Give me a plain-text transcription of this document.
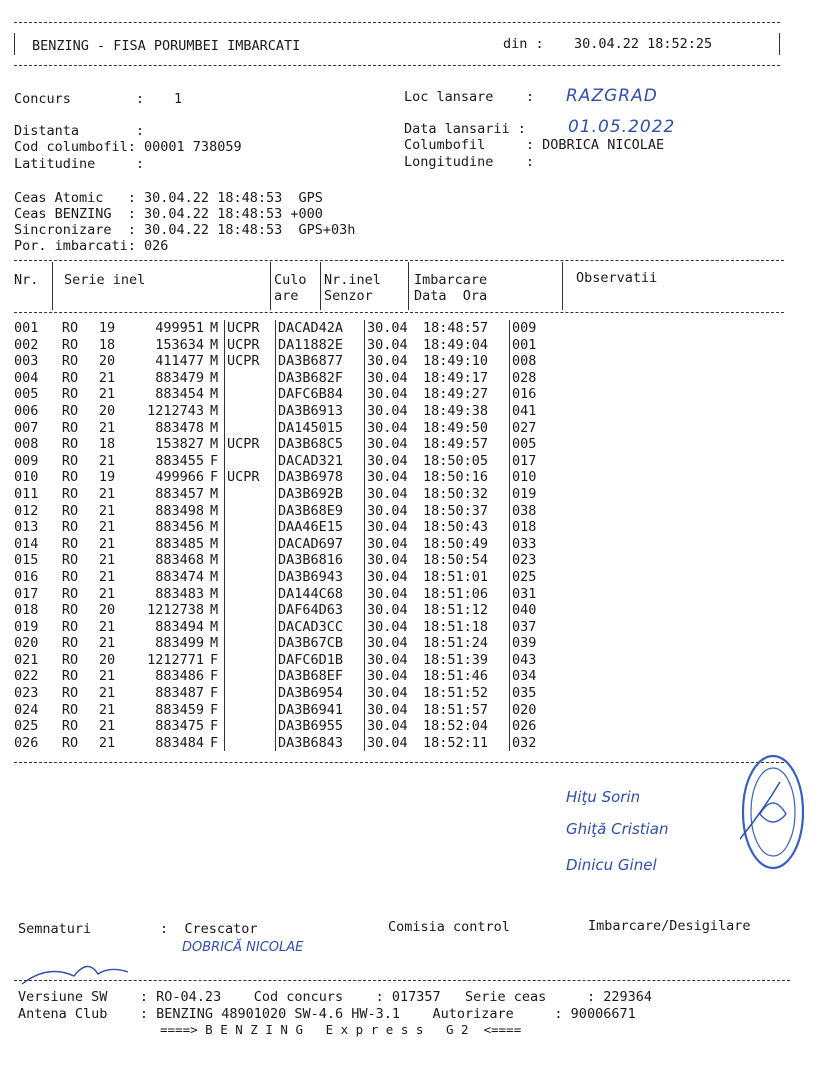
BENZING - FISA PORUMBEI IMBARCATI	din : 30.04.22 18:52:25
Concurs        : 1	Loc lansare    : RAZGRAD
Distanta       :	Data lansarii : 01.05.2022
Cod columbofil: 00001 738059	Columbofil     : DOBRICA NICOLAE
Latitudine     :	Longitudine    :
Ceas Atomic   : 30.04.22 18:48:53  GPS
Ceas BENZING  : 30.04.22 18:48:53 +000
Sincronizare  : 30.04.22 18:48:53  GPS+03h
Por. imbarcati: 026
Nr. Serie inel	Culo
are
Nr.inel
Senzor
Imbarcare
Data  Ora
Observatii
001	RO	19	499951	M	UCPR	DACAD42A	30.04	18:48:57	009
002	RO	18	153634	M	UCPR	DA11882E	30.04	18:49:04	001
003	RO	20	411477	M	UCPR	DA3B6877	30.04	18:49:10	008
004	RO	21	883479	M		DA3B682F	30.04	18:49:17	028
005	RO	21	883454	M		DAFC6B84	30.04	18:49:27	016
006	RO	20	1212743	M		DA3B6913	30.04	18:49:38	041
007	RO	21	883478	M		DA145015	30.04	18:49:50	027
008	RO	18	153827	M	UCPR	DA3B68C5	30.04	18:49:57	005
009	RO	21	883455	F		DACAD321	30.04	18:50:05	017
010	RO	19	499966	F	UCPR	DA3B6978	30.04	18:50:16	010
011	RO	21	883457	M		DA3B692B	30.04	18:50:32	019
012	RO	21	883498	M		DA3B68E9	30.04	18:50:37	038
013	RO	21	883456	M		DAA46E15	30.04	18:50:43	018
014	RO	21	883485	M		DACAD697	30.04	18:50:49	033
015	RO	21	883468	M		DA3B6816	30.04	18:50:54	023
016	RO	21	883474	M		DA3B6943	30.04	18:51:01	025
017	RO	21	883483	M		DA144C68	30.04	18:51:06	031
018	RO	20	1212738	M		DAF64D63	30.04	18:51:12	040
019	RO	21	883494	M		DACAD3CC	30.04	18:51:18	037
020	RO	21	883499	M		DA3B67CB	30.04	18:51:24	039
021	RO	20	1212771	F		DAFC6D1B	30.04	18:51:39	043
022	RO	21	883486	F		DA3B68EF	30.04	18:51:46	034
023	RO	21	883487	F		DA3B6954	30.04	18:51:52	035
024	RO	21	883459	F		DA3B6941	30.04	18:51:57	020
025	RO	21	883475	F		DA3B6955	30.04	18:52:04	026
026	RO	21	883484	F		DA3B6843	30.04	18:52:11	032
Hiţu Sorin
Ghiţă Cristian
Dinicu Ginel
Semnaturi	:  Crescator	Comisia control	Imbarcare/Desigilare
DOBRICĂ NICOLAE
Versiune SW    : RO-04.23    Cod concurs    : 017357   Serie ceas     : 229364
Antena Club    : BENZING 48901020 SW-4.6 HW-3.1    Autorizare     : 90006671
====> B E N Z I N G   E x p r e s s   G 2  <====
